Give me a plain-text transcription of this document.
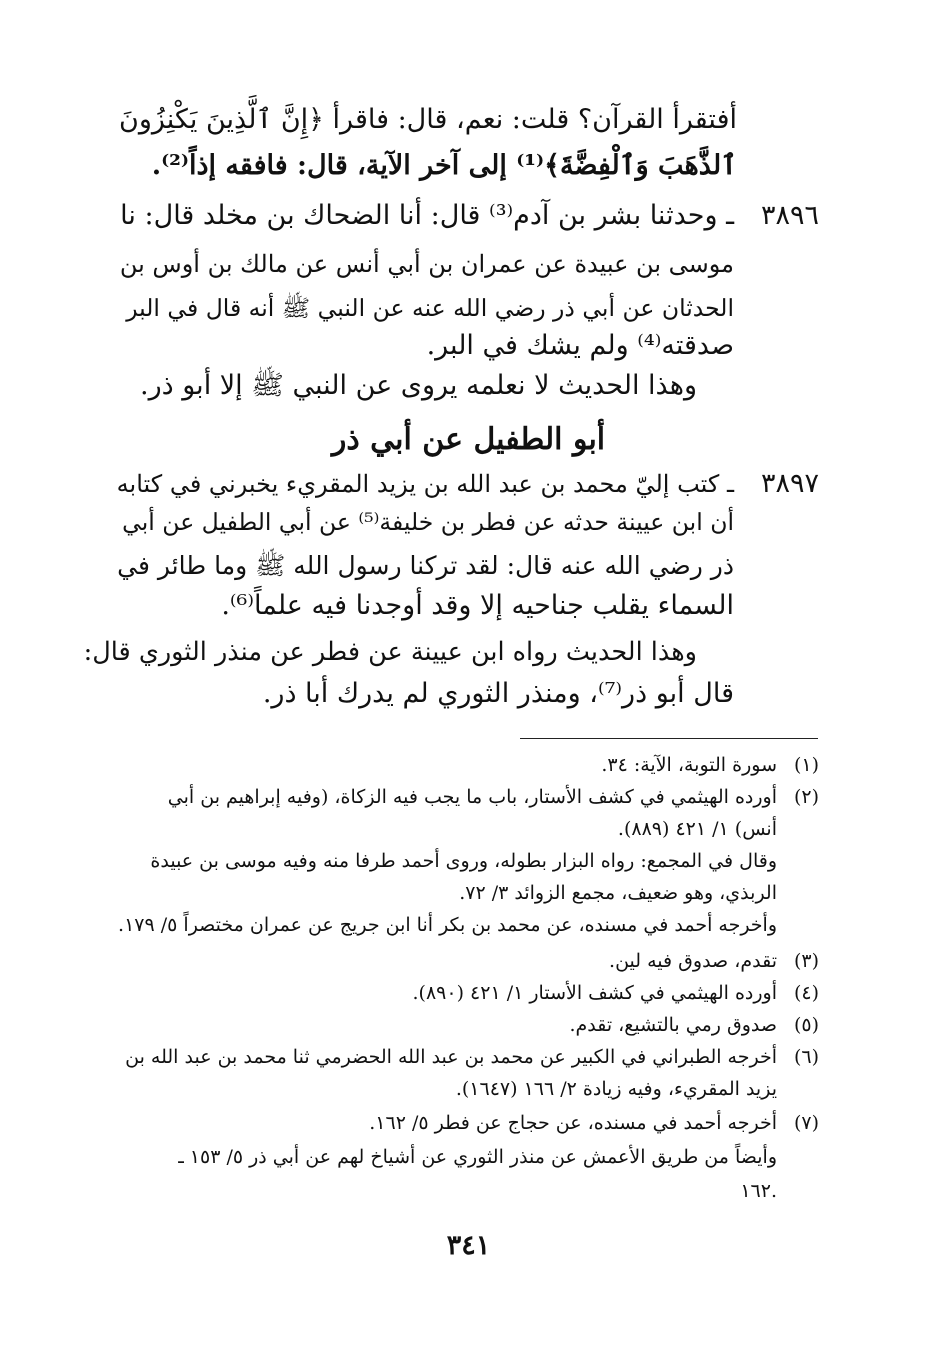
أفتقرأ القرآن؟ قلت: نعم، قال: فاقرأ ﴿إِنَّ ٱلَّذِينَ يَكْنِزُونَ
ٱلذَّهَبَ وَٱلْفِضَّةَ﴾⁽¹⁾ إلى آخر الآية، قال: فافقه إذاً⁽²⁾.
٣٨٩٦
ـ وحدثنا بشر بن آدم⁽³⁾ قال: أنا الضحاك بن مخلد قال: نا
موسى بن عبيدة عن عمران بن أبي أنس عن مالك بن أوس بن
الحدثان عن أبي ذر رضي الله عنه عن النبي ﷺ أنه قال في البر
صدقته⁽⁴⁾ ولم يشك في البر.
وهذا الحديث لا نعلمه يروى عن النبي ﷺ إلا أبو ذر.
أبو الطفيل عن أبي ذر
٣٨٩٧
ـ كتب إليّ محمد بن عبد الله بن يزيد المقريء يخبرني في كتابه
أن ابن عيينة حدثه عن فطر بن خليفة⁽⁵⁾ عن أبي الطفيل عن أبي
ذر رضي الله عنه قال: لقد تركنا رسول الله ﷺ وما طائر في
السماء يقلب جناحيه إلا وقد أوجدنا فيه علماً⁽⁶⁾.
وهذا الحديث رواه ابن عيينة عن فطر عن منذر الثوري قال:
قال أبو ذر⁽⁷⁾، ومنذر الثوري لم يدرك أبا ذر.
(١)
سورة التوبة، الآية: ٣٤.
(٢)
أورده الهيثمي في كشف الأستار، باب ما يجب فيه الزكاة، (وفيه إبراهيم بن أبي
أنس) ١/ ٤٢١ (٨٨٩).
وقال في المجمع: رواه البزار بطوله، وروى أحمد طرفا منه وفيه موسى بن عبيدة
الربذي، وهو ضعيف، مجمع الزوائد ٣/ ٧٢.
وأخرجه أحمد في مسنده، عن محمد بن بكر أنا ابن جريج عن عمران مختصراً ٥/ ١٧٩.
(٣)
تقدم، صدوق فيه لين.
(٤)
أورده الهيثمي في كشف الأستار ١/ ٤٢١ (٨٩٠).
(٥)
صدوق رمي بالتشيع، تقدم.
(٦)
أخرجه الطبراني في الكبير عن محمد بن عبد الله الحضرمي ثنا محمد بن عبد الله بن
يزيد المقريء، وفيه زيادة ٢/ ١٦٦ (١٦٤٧).
(٧)
أخرجه أحمد في مسنده، عن حجاج عن فطر ٥/ ١٦٢.
وأيضاً من طريق الأعمش عن منذر الثوري عن أشياخ لهم عن أبي ذر ٥/ ١٥٣ ـ
١٦٢.
٣٤١
